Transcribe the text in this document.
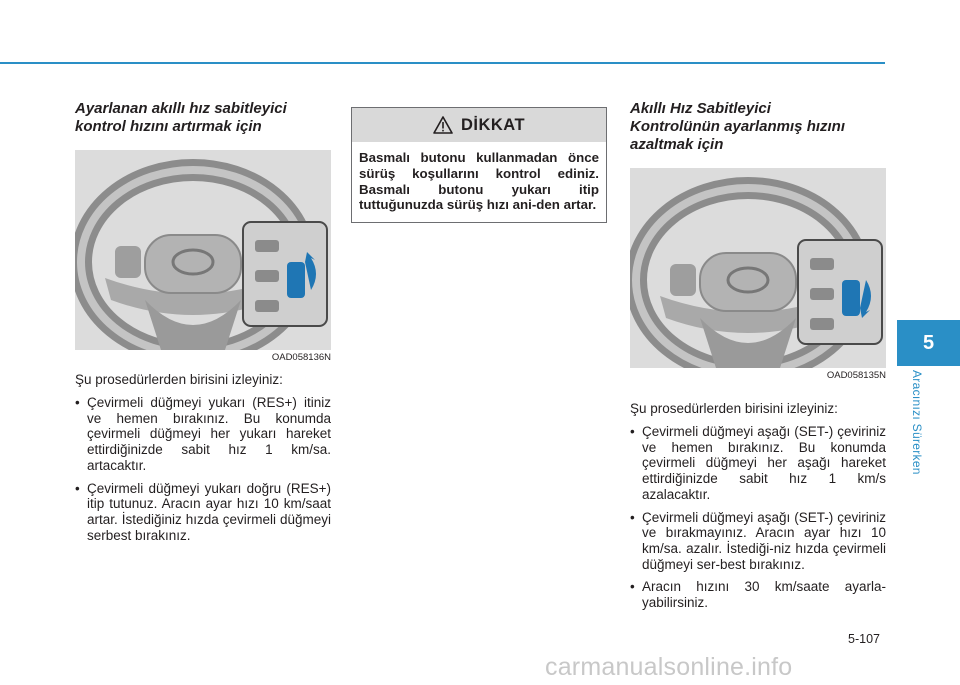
5
Aracınızı Sürerken
Ayarlanan akıllı hız sabitleyici
kontrol hızını artırmak için
OAD058136N

Şu prosedürlerden birisini izleyiniz:

• Çevirmeli düğmeyi yukarı (RES+) itiniz ve hemen bırakınız. Bu konumda çevirmeli düğmeyi her yukarı hareket ettirdiğinizde sabit hız 1 km/sa. artacaktır.
• Çevirmeli düğmeyi yukarı doğru (RES+) itip tutunuz. Aracın ayar hızı 10 km/saat artar. İstediğiniz hızda çevirmeli düğmeyi serbest bırakınız.
DİKKAT
Basmalı butonu kullanmadan önce sürüş koşullarını kontrol ediniz. Basmalı butonu yukarı itip tuttuğunuzda sürüş hızı ani-den artar.
Akıllı Hız Sabitleyici
Kontrolünün ayarlanmış hızını
azaltmak için
OAD058135N

Şu prosedürlerden birisini izleyiniz:

• Çevirmeli düğmeyi aşağı (SET-) çeviriniz ve hemen bırakınız. Bu konumda çevirmeli düğmeyi her aşağı hareket ettirdiğinizde sabit hız 1 km/s azalacaktır.
• Çevirmeli düğmeyi aşağı (SET-) çeviriniz ve bırakmayınız. Aracın ayar hızı 10 km/sa. azalır. İstediği-niz hızda çevirmeli düğmeyi ser-best bırakınız.
• Aracın hızını 30 km/saate ayarla-yabilirsiniz.
5-107
carmanualsonline.info
